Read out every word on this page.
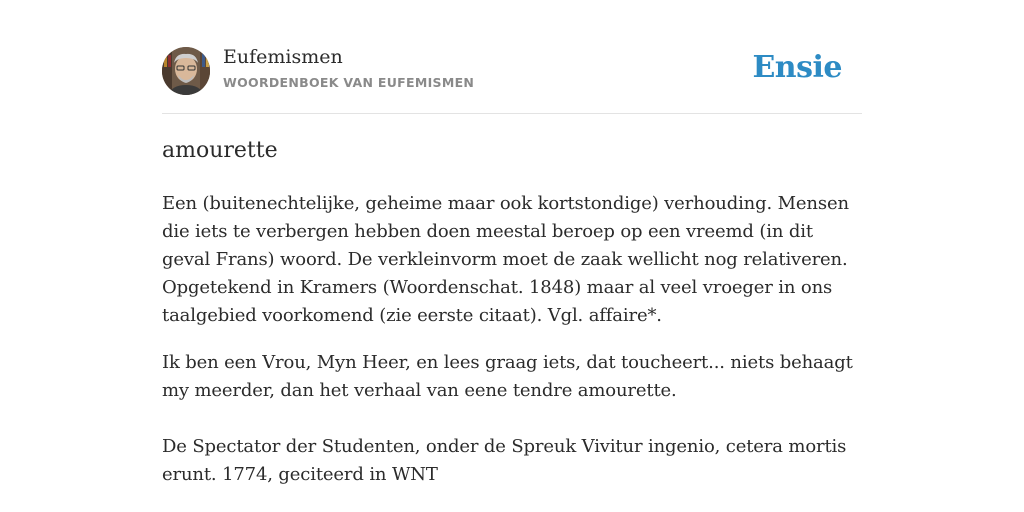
Eufemismen
WOORDENBOEK VAN EUFEMISMEN	Ensie
amourette

Een (buitenechtelijke, geheime maar ook kortstondige) verhouding. Mensen die iets te verbergen hebben doen meestal beroep op een vreemd (in dit geval Frans) woord. De verkleinvorm moet de zaak wellicht nog relativeren. Opgetekend in Kramers (Woordenschat. 1848) maar al veel vroeger in ons taalgebied voorkomend (zie eerste citaat). Vgl. affaire*.

Ik ben een Vrou, Myn Heer, en lees graag iets, dat toucheert... niets behaagt my meerder, dan het verhaal van eene tendre amourette.

De Spectator der Studenten, onder de Spreuk Vivitur ingenio, cetera mortis erunt. 1774, geciteerd in WNT
